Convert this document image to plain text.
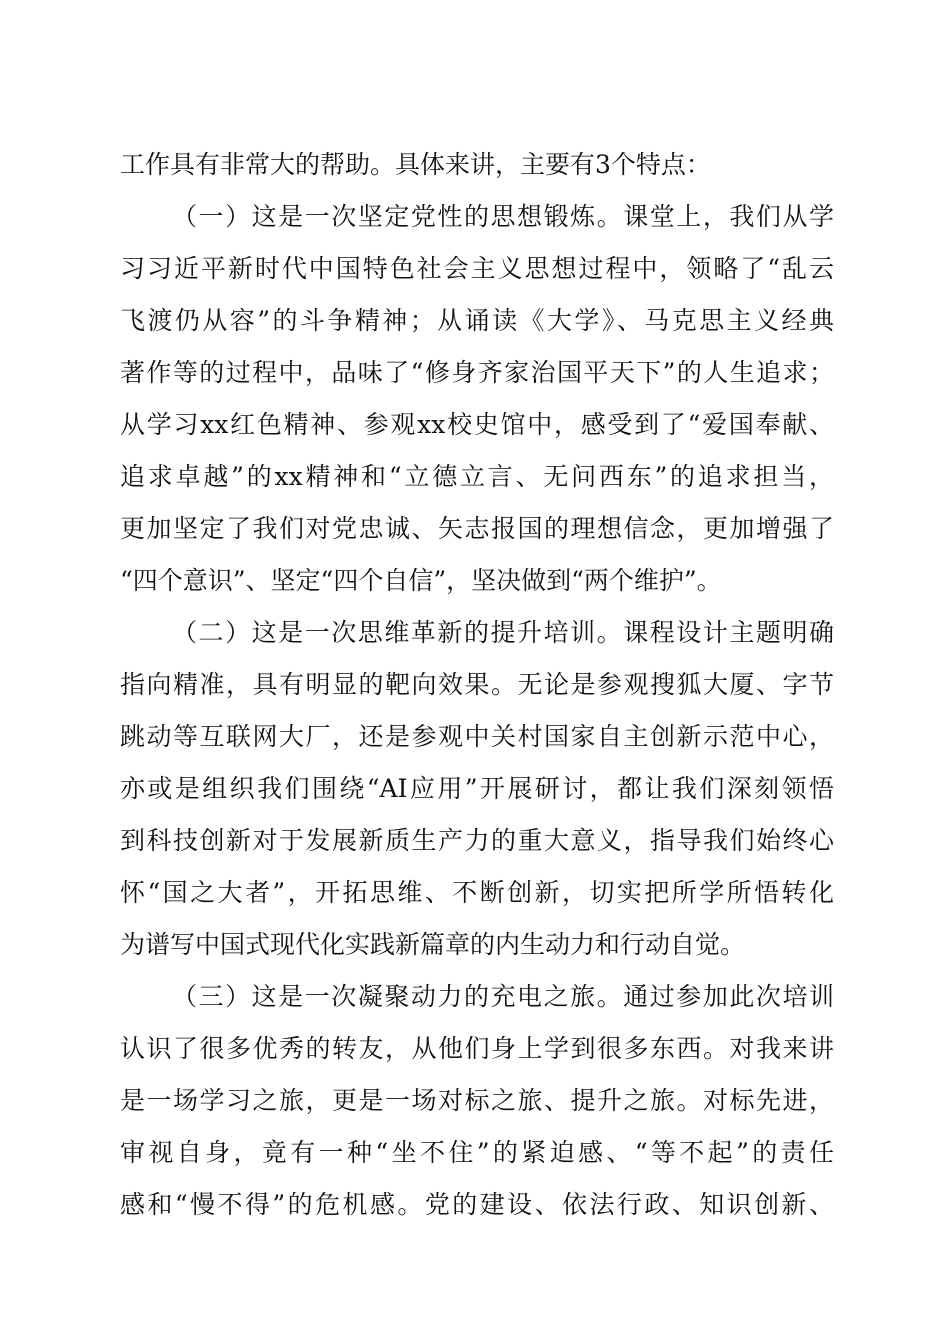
工作具有非常大的帮助。具体来讲，主要有3个特点：
（一）这是一次坚定党性的思想锻炼。课堂上，我们从学
习习近平新时代中国特色社会主义思想过程中，领略了“乱云
飞渡仍从容”的斗争精神；从诵读《大学》、马克思主义经典
著作等的过程中，品味了“修身齐家治国平天下”的人生追求；
从学习xx红色精神、参观xx校史馆中，感受到了“爱国奉献、
追求卓越”的xx精神和“立德立言、无问西东”的追求担当，
更加坚定了我们对党忠诚、矢志报国的理想信念，更加增强了
“四个意识”、坚定“四个自信”，坚决做到“两个维护”。
（二）这是一次思维革新的提升培训。课程设计主题明确
指向精准，具有明显的靶向效果。无论是参观搜狐大厦、字节
跳动等互联网大厂，还是参观中关村国家自主创新示范中心，
亦或是组织我们围绕“AI应用”开展研讨，都让我们深刻领悟
到科技创新对于发展新质生产力的重大意义，指导我们始终心
怀“国之大者”，开拓思维、不断创新，切实把所学所悟转化
为谱写中国式现代化实践新篇章的内生动力和行动自觉。
（三）这是一次凝聚动力的充电之旅。通过参加此次培训
认识了很多优秀的转友，从他们身上学到很多东西。对我来讲
是一场学习之旅，更是一场对标之旅、提升之旅。对标先进，
审视自身，竟有一种“坐不住”的紧迫感、“等不起”的责任
感和“慢不得”的危机感。党的建设、依法行政、知识创新、
